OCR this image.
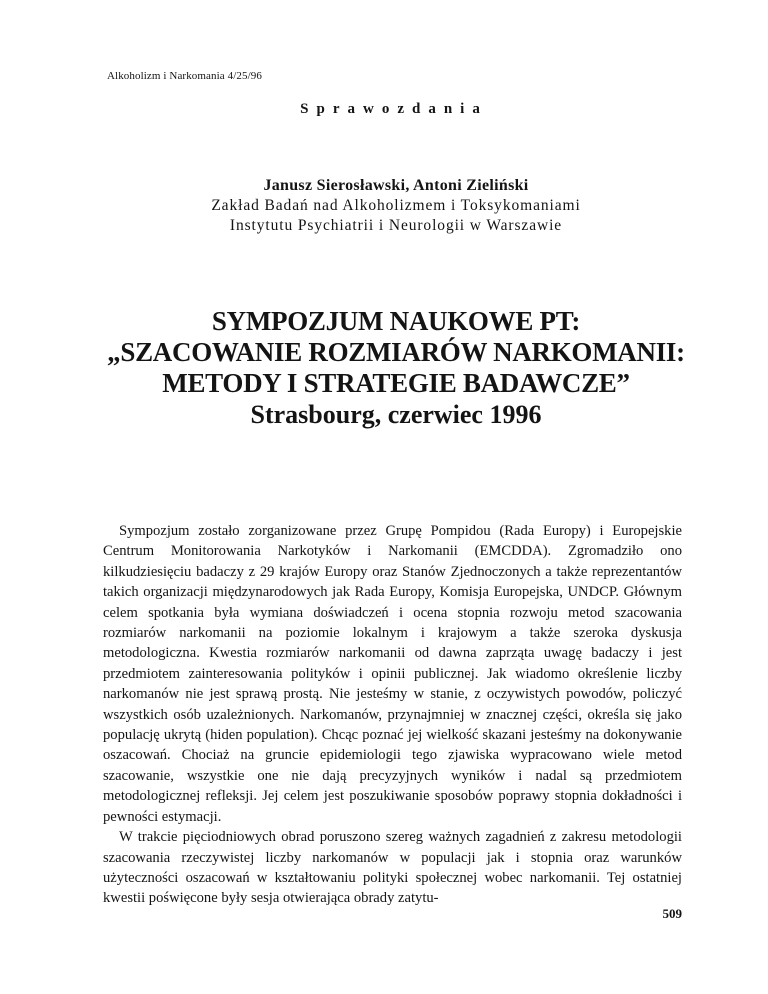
Alkoholizm i Narkomania 4/25/96
Sprawozdania
Janusz Sierosławski, Antoni Zieliński
Zakład Badań nad Alkoholizmem i Toksykomaniami
Instytutu Psychiatrii i Neurologii w Warszawie
SYMPOZJUM NAUKOWE PT:
„SZACOWANIE ROZMIARÓW NARKOMANII:
METODY I STRATEGIE BADAWCZE”
Strasbourg, czerwiec 1996

Sympozjum zostało zorganizowane przez Grupę Pompidou (Rada Europy) i Europejskie Centrum Monitorowania Narkotyków i Narkomanii (EMCDDA). Zgromadziło ono kilkudziesięciu badaczy z 29 krajów Europy oraz Stanów Zjednoczonych a także reprezentantów takich organizacji międzynarodowych jak Rada Europy, Komisja Europejska, UNDCP. Głównym celem spotkania była wymiana doświadczeń i ocena stopnia rozwoju metod szacowania rozmiarów narkomanii na poziomie lokalnym i krajowym a także szeroka dyskusja metodologiczna. Kwestia rozmiarów narkomanii od dawna zaprząta uwagę badaczy i jest przedmiotem zainteresowania polityków i opinii publicznej. Jak wiadomo określenie liczby narkomanów nie jest sprawą prostą. Nie jesteśmy w stanie, z oczywistych powodów, policzyć wszystkich osób uzależnionych. Narkomanów, przynajmniej w znacznej części, określa się jako populację ukrytą (hiden population). Chcąc poznać jej wielkość skazani jesteśmy na dokonywanie oszacowań. Chociaż na gruncie epidemiologii tego zjawiska wypracowano wiele metod szacowanie, wszystkie one nie dają precyzyjnych wyników i nadal są przedmiotem metodologicznej refleksji. Jej celem jest poszukiwanie sposobów poprawy stopnia dokładności i pewności estymacji.

W trakcie pięciodniowych obrad poruszono szereg ważnych zagadnień z zakresu metodologii szacowania rzeczywistej liczby narkomanów w populacji jak i stopnia oraz warunków użyteczności oszacowań w kształtowaniu polityki społecznej wobec narkomanii. Tej ostatniej kwestii poświęcone były sesja otwierająca obrady zatytu-

509
